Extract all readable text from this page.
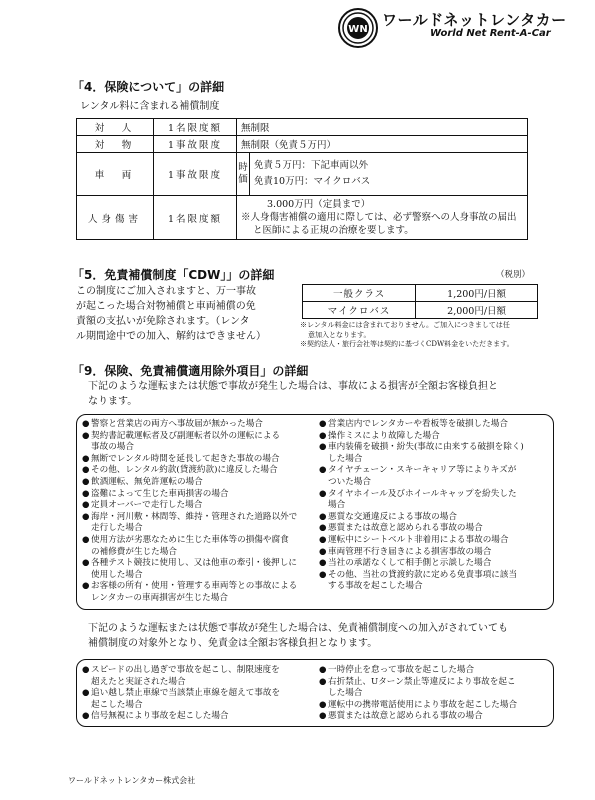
WN
ワールドネットレンタカー
World Net Rent-A-Car
「4．保険について」の詳細
レンタル料に含まれる補償制度
対　人	1名限度額	無制限	
対　物	1事故限度	無制限（免責５万円）	
車　両	1事故限度	時価	免責５万円：下記車両以外
免責10万円：マイクロバス

人身傷害	1名限度額	3.000万円（定員まで）
※人身傷害補償の適用に際しては、必ず警察への人身事故の届出
と医師による正規の治療を要します。	
「5．免責補償制度「CDW」」の詳細	（税別）
この制度にご加入されますと、万一事故
が起こった場合対物補償と車両補償の免
責額の支払いが免除されます。（レンタ
ル期間途中での加入、解約はできません）
一般クラス	1,200円/日額
マイクロバス	2,000円/日額
※レンタル料金には含まれておりません。ご加入につきましては任
意加入となります。
※契約法人・旅行会社等は契約に基づくCDW料金をいただきます。
「9．保険、免責補償適用除外項目」の詳細
下記のような運転または状態で事故が発生した場合は、事故による損害が全額お客様負担と
なります。
● 警察と営業店の両方へ事故届が無かった場合
● 契約書記載運転者及び副運転者以外の運転による
事故の場合
● 無断でレンタル時間を延長して起きた事故の場合
● その他、レンタル約款(貸渡約款)に違反した場合
● 飲酒運転、無免許運転の場合
● 盗難によって生じた車両損害の場合
● 定員オーバーで走行した場合
● 海岸・河川敷・林間等、維持・管理された道路以外で
走行した場合
● 使用方法が劣悪なために生じた車体等の損傷や腐食
の補修費が生じた場合
● 各種テスト競技に使用し、又は他車の牽引・後押しに
使用した場合
● お客様の所有・使用・管理する車両等との事故による
レンタカーの車両損害が生じた場合
● 営業店内でレンタカーや看板等を破損した場合
● 操作ミスにより故障した場合
● 車内装備を破損・紛失(事故に由来する破損を除く)
した場合
● タイヤチェーン・スキーキャリア等によりキズが
ついた場合
● タイヤホイール及びホイールキャップを紛失した
場合
● 悪質な交通違反による事故の場合
● 悪質または故意と認められる事故の場合
● 運転中にシートベルト非着用による事故の場合
● 車両管理不行き届きによる損害事故の場合
● 当社の承諾なくして相手側と示談した場合
● その他、当社の貸渡約款に定める免責事項に該当
する事故を起こした場合
下記のような運転または状態で事故が発生した場合は、免責補償制度への加入がされていても
補償制度の対象外となり、免責金は全額お客様負担となります。
● スピードの出し過ぎで事故を起こし、制限速度を
超えたと実証された場合
● 追い越し禁止車線で当該禁止車線を超えて事故を
起こした場合
● 信号無視により事故を起こした場合
● 一時停止を怠って事故を起こした場合
● 右折禁止、Uターン禁止等違反により事故を起こ
した場合
● 運転中の携帯電話使用により事故を起こした場合
● 悪質または故意と認められる事故の場合
ワールドネットレンタカー株式会社
